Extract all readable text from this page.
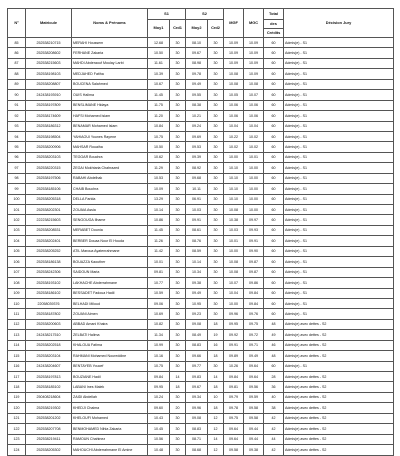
N°	Matricule	Noms & Prénoms	S1		S2		MGF	MGC	Total	Décision Jury
			Moy1	Crd1	Moy2	Crd2			des	
									Crédits	
85	252538210715	MERAHI Houssem	12.68	30	08.10	30	10.09	10.09	60	Admis(e) - S1
86	252538208602	FERHANE Zakaria	10.50	30	09.67	30	10.09	10.09	60	Admis(e) - S1
87	252538215603	MAHDI Abderaouf Moulay Larbi	11.61	30	08.98	30	10.09	10.09	60	Admis(e) - S1
88	252538198103	MEDJAHED Fatiha	10.39	30	09.78	30	10.08	10.09	60	Admis(e) - S1
89	252538208807	BOUCENA Salahmed	10.67	30	09.49	30	10.08	10.08	60	Admis(e) - S1
90	242438193910	OUIS Halima	11.45	30	09.55	30	10.05	10.07	60	Admis(e) - S1
91	252538197809	BENSLIMANE Hidaya	11.75	30	08.38	30	10.06	10.06	60	Admis(e) - S1
92	252538174609	HAFSI Mohamed Islam	11.20	30	10.21	30	10.06	10.06	60	Admis(e) - S1
93	252538186312	BENAMAR Mohamed Islam	10.84	30	09.24	30	10.04	10.04	60	Admis(e) - S1
94	252538198504	YAHIAOUI Younes Rayene	10.75	30	09.69	30	10.22	10.02	60	Admis(e) - S1
95	252538200906	MAHSAR Rouaiha	10.50	30	09.53	30	10.02	10.02	60	Admis(e) - S1
96	252538203103	TEGGAR Bouchra	10.62	30	09.39	30	10.00	10.01	60	Admis(e) - S1
97	252538220315	ZEGAI Mokhtaria Chahrazed	11.29	30	08.92	30	10.10	10.00	60	Admis(e) - S1
98	252538197506	RABAHI Abdelhak	10.53	30	09.68	30	10.10	10.00	60	Admis(e) - S1
99	252538185106	CHAIB Bouchra	10.09	30	10.11	30	10.10	10.00	60	Admis(e) - S1
100	252538205318	DELLA Farida	13.29	30	06.91	30	10.10	10.00	60	Admis(e) - S1
101	252538202301	ZOUAIA Assia	10.14	30	10.03	30	10.08	10.00	60	Admis(e) - S1
102	222238215603	SENGOUGA Ilhame	10.86	30	09.91	30	10.38	09.97	60	Admis(e) - S1
103	252538208531	MERABET Dounia	11.45	30	08.61	30	10.03	09.93	60	Admis(e) - S1
104	252538202401	BERBER Douaa Nour El Houda	11.26	30	08.76	30	10.01	09.91	60	Admis(e) - S1
105	252538205252	ATIL Maroua Ayatenrahmane	11.42	30	08.59	30	10.00	09.90	60	Admis(e) - S1
106	252538186138	BOUAZZA Kaouther	10.01	30	10.14	30	10.08	09.87	60	Admis(e) - S1
107	252538242306	SAIDOUN Maria	09.81	30	10.34	30	10.08	09.87	60	Admis(e) - S1
108	252538193102	LAKHACHE Abderrahmane	10.77	30	09.38	30	10.07	09.86	60	Admis(e) - S1
109	252538186102	BESSADET Fadoua Hadil	10.59	30	09.49	30	10.04	09.84	60	Admis(e) - S1
110	22058039376	BELHADI Miloud	09.06	30	10.95	30	10.00	09.84	60	Admis(e) - S1
111	252538187802	ZOUANI Aimen	10.69	30	09.23	30	09.96	09.76	60	Admis(e) - S1
112	252538200603	ABBAD Amani Khaira	10.82	30	09.08	18	09.95	09.75	48	Admis(e) avec dettes - S2
113	242438217510	ZELBATI Halima	11.34	30	08.49	19	09.92	09.72	49	Admis(e) avec dettes - S2
114	252538202518	KHALOUA Fatima	10.99	30	08.83	16	09.91	09.71	46	Admis(e) avec dettes - S2
115	252538203104	RAHMANI Mohamed Noureddine	10.16	30	09.66	18	09.89	09.49	48	Admis(e) avec dettes - S2
116	242438204607	BENTAYEB Youcef	10.75	30	09.77	30	10.26	09.64	60	Admis(e) - S1
117	252538197813	BOUZIANE Hadil	09.84	14	09.83	14	09.84	09.64	28	Admis(e) avec dettes - S2
118	252538185102	LABANI Ines Malek	09.95	18	09.67	18	09.81	09.56	36	Admis(e) avec dettes - S2
119	250408218604	ZAIDI Abdellah	10.24	30	09.34	10	09.79	09.59	40	Admis(e) avec dettes - S2
120	252538219302	KHEDJI Chaima	09.60	20	09.96	18	09.78	09.58	38	Admis(e) avec dettes - S2
121	252538201202	KHELOUFI Mohamed	10.43	30	09.08	12	09.75	09.58	42	Admis(e) avec dettes - S2
122	252538207708	BENMOHAMED Nihla Zakaria	10.45	30	08.83	12	09.64	09.44	42	Admis(e) avec dettes - S2
123	252538219411	RAMOUN Chahinez	10.56	30	08.71	14	09.64	09.44	44	Admis(e) avec dettes - S2
124	252538205302	MAHOUCHI Abderrahmane El Amine	10.48	30	08.68	12	09.58	09.38	42	Admis(e) avec dettes - S2
